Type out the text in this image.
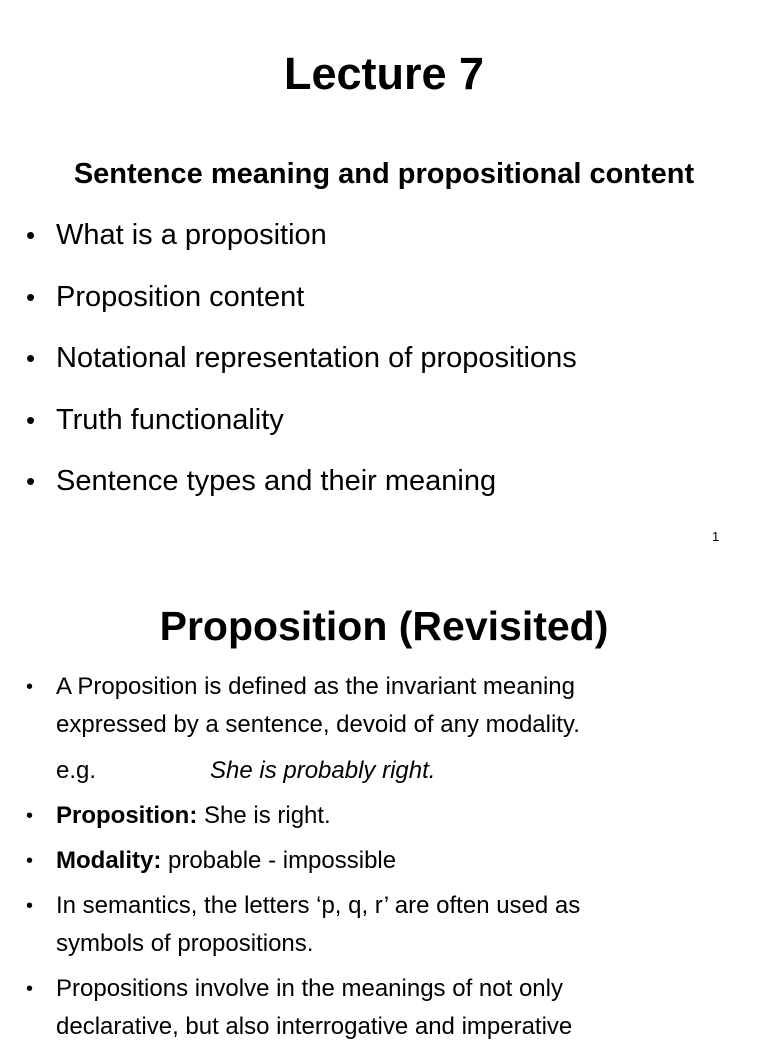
Lecture 7
Sentence meaning and propositional content
• What is a proposition
• Proposition content
• Notational representation of propositions
• Truth functionality
• Sentence types and their meaning
1
Proposition (Revisited)
• A Proposition is defined as the invariant meaning
expressed by a sentence, devoid of any modality.
e.g.	She is probably right.
• Proposition: She is right.
• Modality: probable - impossible
• In semantics, the letters ‘p, q, r’ are often used as
symbols of propositions.
• Propositions involve in the meanings of not only
declarative, but also interrogative and imperative
